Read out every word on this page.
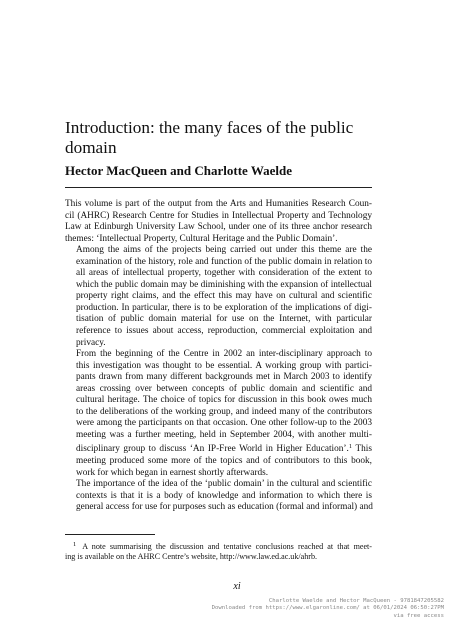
Introduction: the many faces of the public domain
Hector MacQueen and Charlotte Waelde

This volume is part of the output from the Arts and Humanities Research Coun-
cil (AHRC) Research Centre for Studies in Intellectual Property and Technology
Law at Edinburgh University Law School, under one of its three anchor research
themes: ‘Intellectual Property, Cultural Heritage and the Public Domain’.

Among the aims of the projects being carried out under this theme are the
examination of the history, role and function of the public domain in relation to
all areas of intellectual property, together with consideration of the extent to
which the public domain may be diminishing with the expansion of intellectual
property right claims, and the effect this may have on cultural and scientific
production. In particular, there is to be exploration of the implications of digi-
tisation of public domain material for use on the Internet, with particular
reference to issues about access, reproduction, commercial exploitation and
privacy.

From the beginning of the Centre in 2002 an inter-disciplinary approach to
this investigation was thought to be essential. A working group with partici-
pants drawn from many different backgrounds met in March 2003 to identify
areas crossing over between concepts of public domain and scientific and
cultural heritage. The choice of topics for discussion in this book owes much
to the deliberations of the working group, and indeed many of the contributors
were among the participants on that occasion. One other follow-up to the 2003
meeting was a further meeting, held in September 2004, with another multi-
disciplinary group to discuss ‘An IP-Free World in Higher Education’.$^1$ This
meeting produced some more of the topics and of contributors to this book,
work for which began in earnest shortly afterwards.

The importance of the idea of the ‘public domain’ in the cultural and scientific
contexts is that it is a body of knowledge and information to which there is
general access for use for purposes such as education (formal and informal) and

$^1$ A note summarising the discussion and tentative conclusions reached at that meet-
ing is available on the AHRC Centre’s website, http://www.law.ed.ac.uk/ahrb.
xi
Charlotte Waelde and Hector MacQueen - 9781847205582
Downloaded from https://www.elgaronline.com/ at 06/01/2024 06:50:27PM
via free access
